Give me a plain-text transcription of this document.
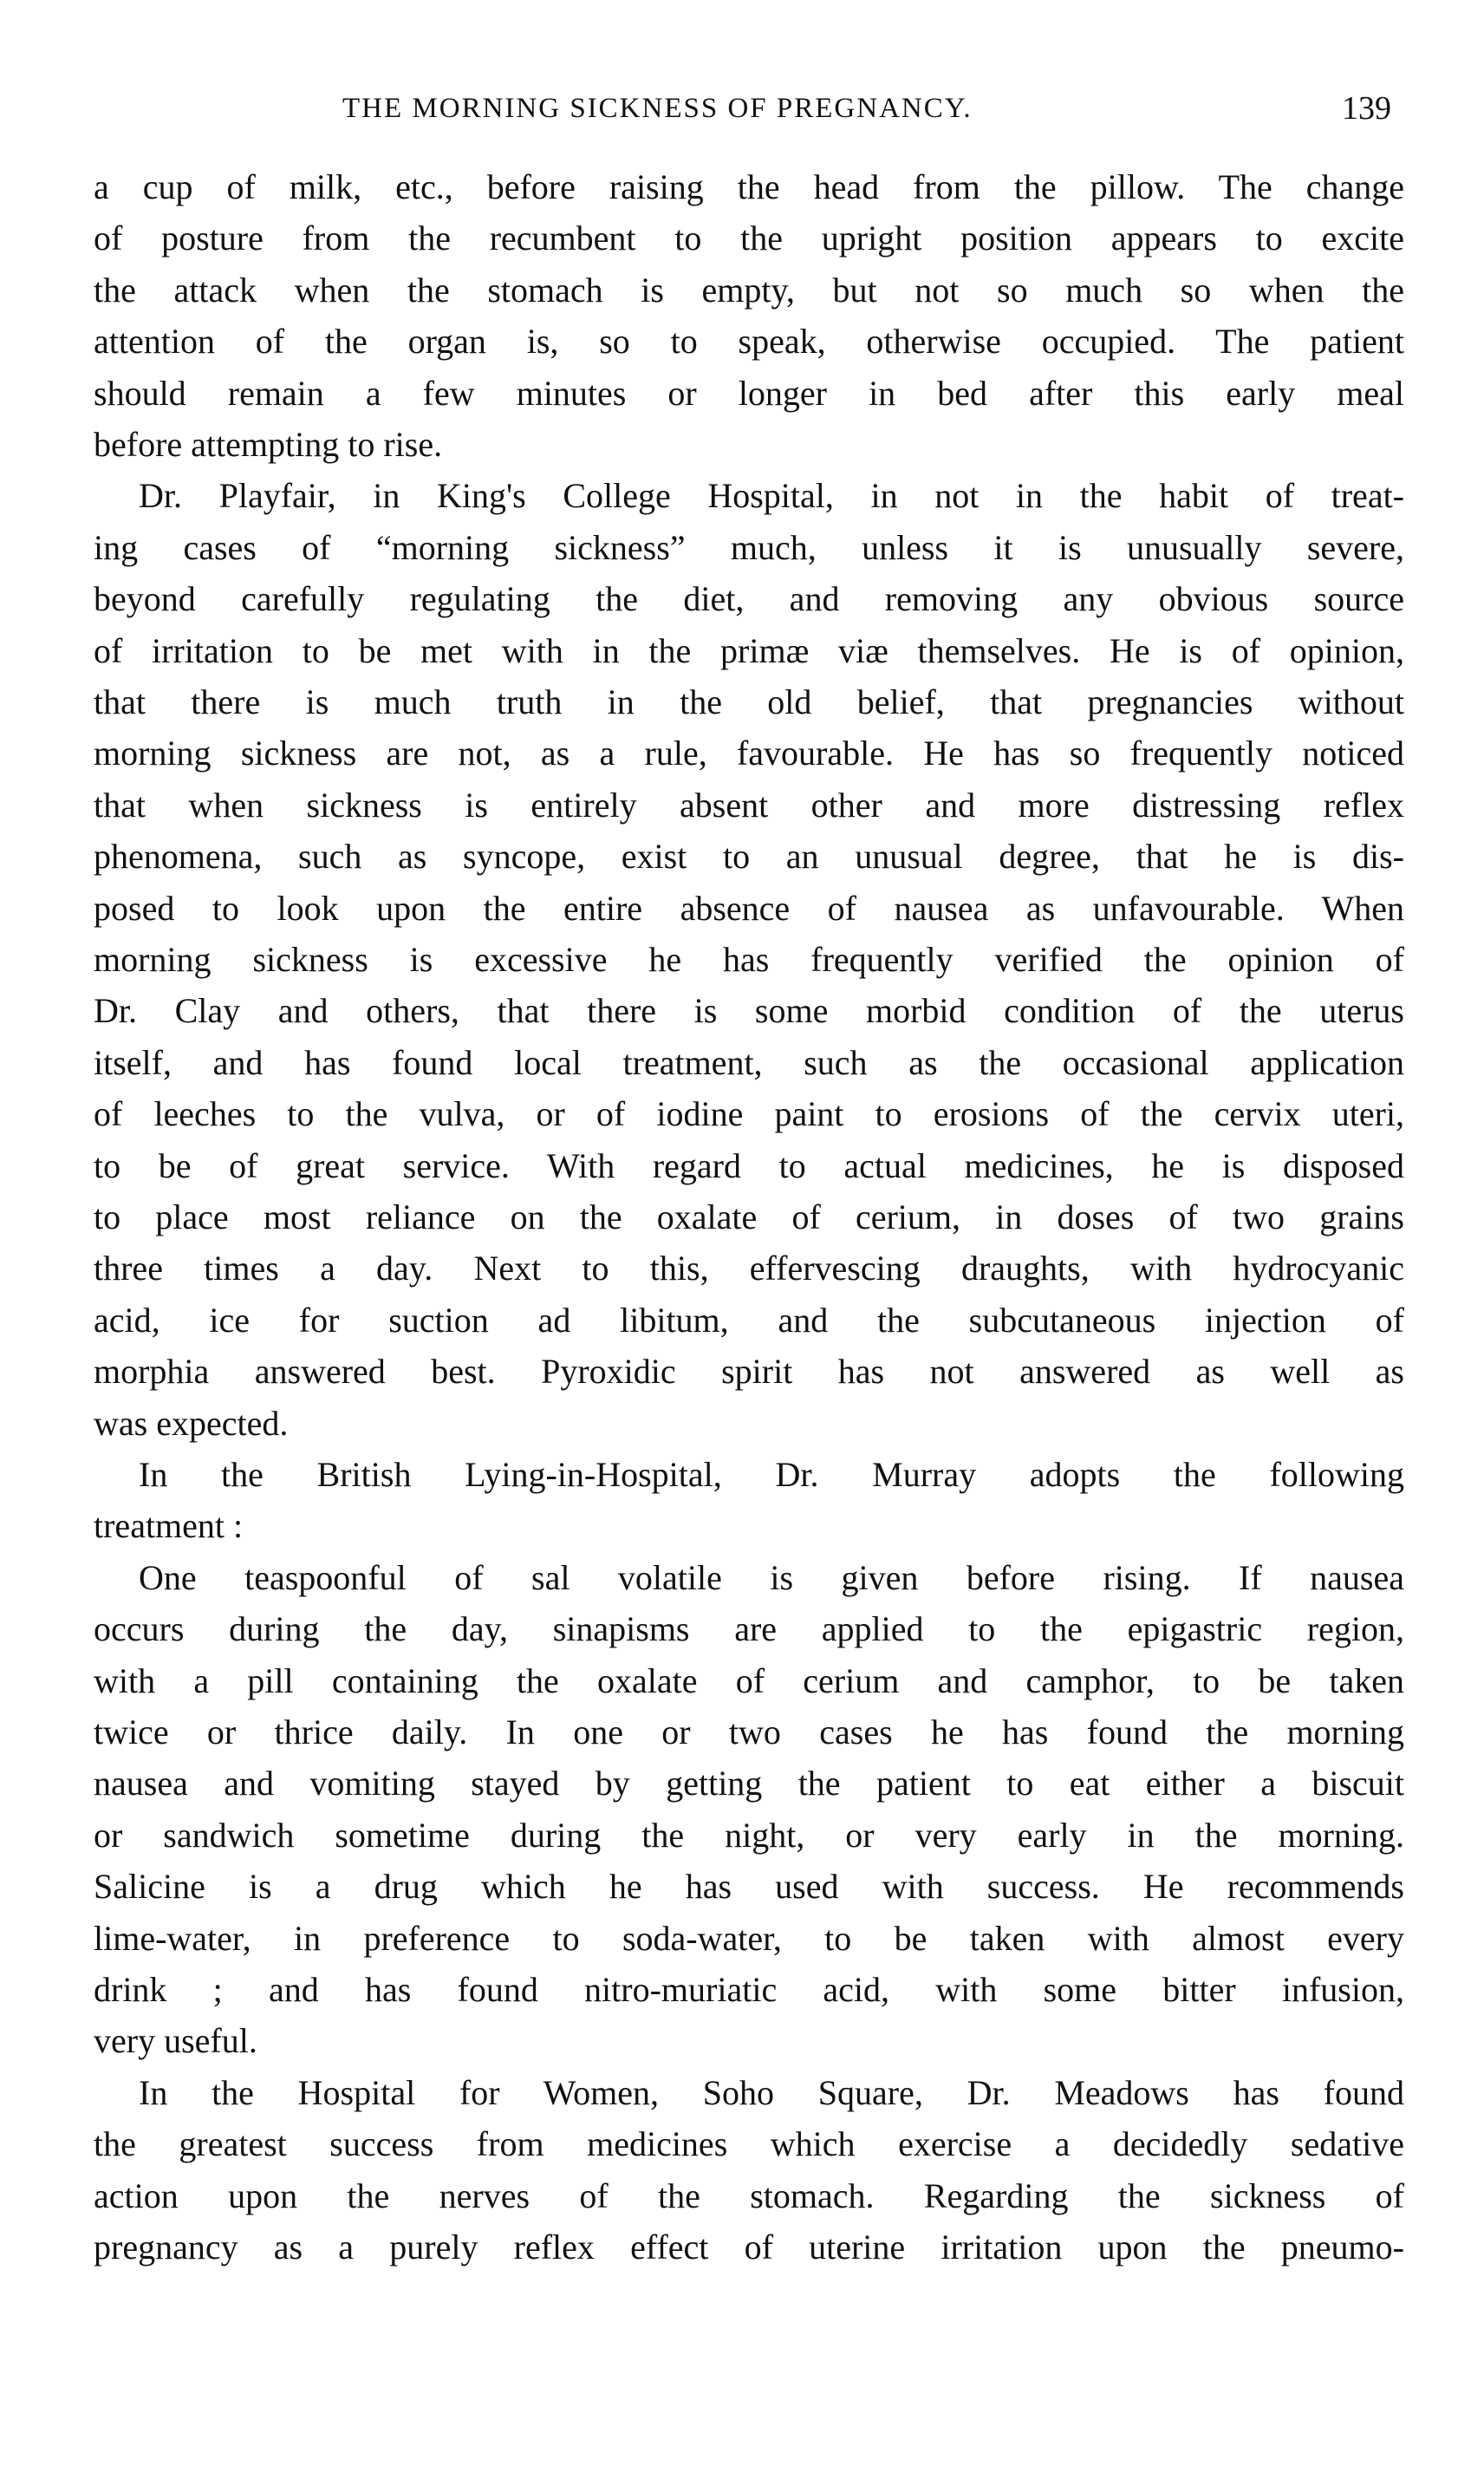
THE MORNING SICKNESS OF PREGNANCY.	139
a cup of milk, etc., before raising the head from the pillow. The change
of posture from the recumbent to the upright position appears to excite
the attack when the stomach is empty, but not so much so when the
attention of the organ is, so to speak, otherwise occupied. The patient
should remain a few minutes or longer in bed after this early meal
before attempting to rise.
Dr. Playfair, in King's College Hospital, in not in the habit of treat-
ing cases of “morning sickness” much, unless it is unusually severe,
beyond carefully regulating the diet, and removing any obvious source
of irritation to be met with in the primæ viæ themselves. He is of opinion,
that there is much truth in the old belief, that pregnancies without
morning sickness are not, as a rule, favourable. He has so frequently noticed
that when sickness is entirely absent other and more distressing reflex
phenomena, such as syncope, exist to an unusual degree, that he is dis-
posed to look upon the entire absence of nausea as unfavourable. When
morning sickness is excessive he has frequently verified the opinion of
Dr. Clay and others, that there is some morbid condition of the uterus
itself, and has found local treatment, such as the occasional application
of leeches to the vulva, or of iodine paint to erosions of the cervix uteri,
to be of great service. With regard to actual medicines, he is disposed
to place most reliance on the oxalate of cerium, in doses of two grains
three times a day. Next to this, effervescing draughts, with hydrocyanic
acid, ice for suction ad libitum, and the subcutaneous injection of
morphia answered best. Pyroxidic spirit has not answered as well as
was expected.
In the British Lying-in-Hospital, Dr. Murray adopts the following
treatment :
One teaspoonful of sal volatile is given before rising. If nausea
occurs during the day, sinapisms are applied to the epigastric region,
with a pill containing the oxalate of cerium and camphor, to be taken
twice or thrice daily. In one or two cases he has found the morning
nausea and vomiting stayed by getting the patient to eat either a biscuit
or sandwich sometime during the night, or very early in the morning.
Salicine is a drug which he has used with success. He recommends
lime-water, in preference to soda-water, to be taken with almost every
drink ; and has found nitro-muriatic acid, with some bitter infusion,
very useful.
In the Hospital for Women, Soho Square, Dr. Meadows has found
the greatest success from medicines which exercise a decidedly sedative
action upon the nerves of the stomach. Regarding the sickness of
pregnancy as a purely reflex effect of uterine irritation upon the pneumo-
